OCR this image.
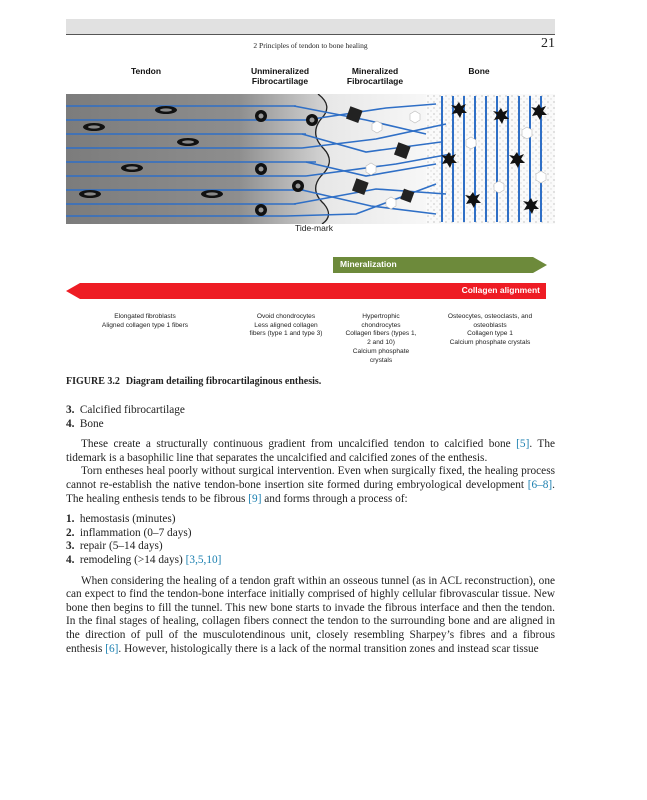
2 Principles of tendon to bone healing	21
Tendon	Unmineralized
Fibrocartilage
Mineralized
Fibrocartilage
Bone
Tide-mark
Mineralization
Collagen alignment
Elongated fibroblasts
Aligned collagen type 1 fibers
Ovoid chondrocytes
Less aligned collagen
fibers (type 1 and type 3)
Hypertrophic
chondrocytes
Collagen fibers (types 1,
2 and 10)
Calcium phosphate
crystals
Osteocytes, osteoclasts, and
osteoblasts
Collagen type 1
Calcium phosphate crystals
FIGURE 3.2 Diagram detailing fibrocartilaginous enthesis.
3. Calcified fibrocartilage
4. Bone

These create a structurally continuous gradient from uncalcified tendon to calcified bone [5]. The tidemark is a basophilic line that separates the uncalcified and calcified zones of the enthesis.

Torn entheses heal poorly without surgical intervention. Even when surgically fixed, the healing process cannot re-establish the native tendon-bone insertion site formed during embryological development [6–8]. The healing enthesis tends to be fibrous [9] and forms through a process of:

1. hemostasis (minutes)
2. inflammation (0–7 days)
3. repair (5–14 days)
4. remodeling (>14 days) [3,5,10]

When considering the healing of a tendon graft within an osseous tunnel (as in ACL reconstruction), one can expect to find the tendon-bone interface initially comprised of highly cellular fibrovascular tissue. New bone then begins to fill the tunnel. This new bone starts to invade the fibrous interface and then the tendon. In the final stages of healing, collagen fibers connect the tendon to the surrounding bone and are aligned in the direction of pull of the musculotendinous unit, closely resembling Sharpey’s fibres and a fibrous enthesis [6]. However, histologically there is a lack of the normal transition zones and instead scar tissue
